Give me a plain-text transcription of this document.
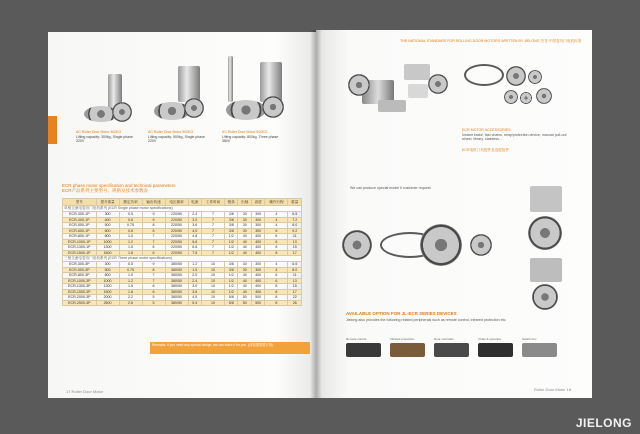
AC Roller Door Motor 300KG
Lifting capacity: 300kg, Single phase 220V
AC Roller Door Motor 500KG
Lifting capacity: 500kg, Single phase 220V
AC Roller Door Motor 800KG
Lifting capacity: 800kg, Three phase 380V
ECR phase motor specification and technical parameters
ECR产品系列主要型号、规格及技术参数表
型号	提升重量	额定功率	输出转速	电压频率	电流	工作时间	链条	出轴	高度	操作行程	重量
单相交流电卷帘门电机系列 (ECR Single phase motor specifications)											
ECR-300-1P	300	0.5	9	220/50	2.4	7	3/8	30	300	4	6.5
ECR-400-1P	400	0.6	9	220/50	3.0	7	3/8	30	300	4	7.2
ECR-500-1P	500	0.75	8	220/50	3.6	7	3/8	30	300	4	8.0
ECR-600-1P	600	0.8	8	220/50	4.0	7	3/8	30	300	6	9.2
ECR-800-1P	800	1.0	7	220/50	4.8	7	1/2	40	400	6	11
ECR-1000-1P	1000	1.2	7	220/50	5.6	7	1/2	40	400	6	13
ECR-1300-1P	1300	1.5	6	220/50	6.8	7	1/2	40	400	8	15
ECR-1500-1P	1500	1.8	6	220/50	7.5	7	1/2	40	400	8	17
三相交流电卷帘门电机系列 (ECR Three phase motor specifications)											
ECR-300-3P	300	0.5	9	380/50	1.2	10	3/8	30	300	4	6.5
ECR-500-3P	500	0.75	8	380/50	1.5	10	3/8	30	300	4	8.0
ECR-800-3P	800	1.0	7	380/50	2.0	10	1/2	40	400	6	11
ECR-1000-3P	1000	1.2	7	380/50	2.4	10	1/2	40	400	6	13
ECR-1300-3P	1300	1.5	6	380/50	3.0	10	1/2	40	400	8	15
ECR-1500-3P	1500	1.8	6	380/50	3.6	10	1/2	40	400	8	17
ECR-2000-3P	2000	2.2	5	380/50	4.5	10	5/8	50	500	8	22
ECR-2500-3P	2500	2.6	5	380/50	5.4	10	5/8	50	500	8	26
Remarks: If you need any special design, we can make it for you. (请根据需要订制)
17 Roller Door Motor
THE NATIONAL STANDARD FOR ROLLING DOOR MOTORS WRITTEN BY JIELONG 杰龙·中国卷帘门电机标准
ECR MOTOR ACCESSORIES
Instant brake, fast chains, relay/protection device, manual pull-out wheel, library, stainless...
ECR电机门机配件及选配组件
We can produce special model if customer request
AVAILABLE OPTION FOR JL-ECR SERIES DEVICES
Jielong also provides the following related peripherals such as remote control, infrared protection etc.
Remote control	Infrared protection	Door controller	Chain & sprocket	Switch box
Roller Door Motor 18
JIELONG
